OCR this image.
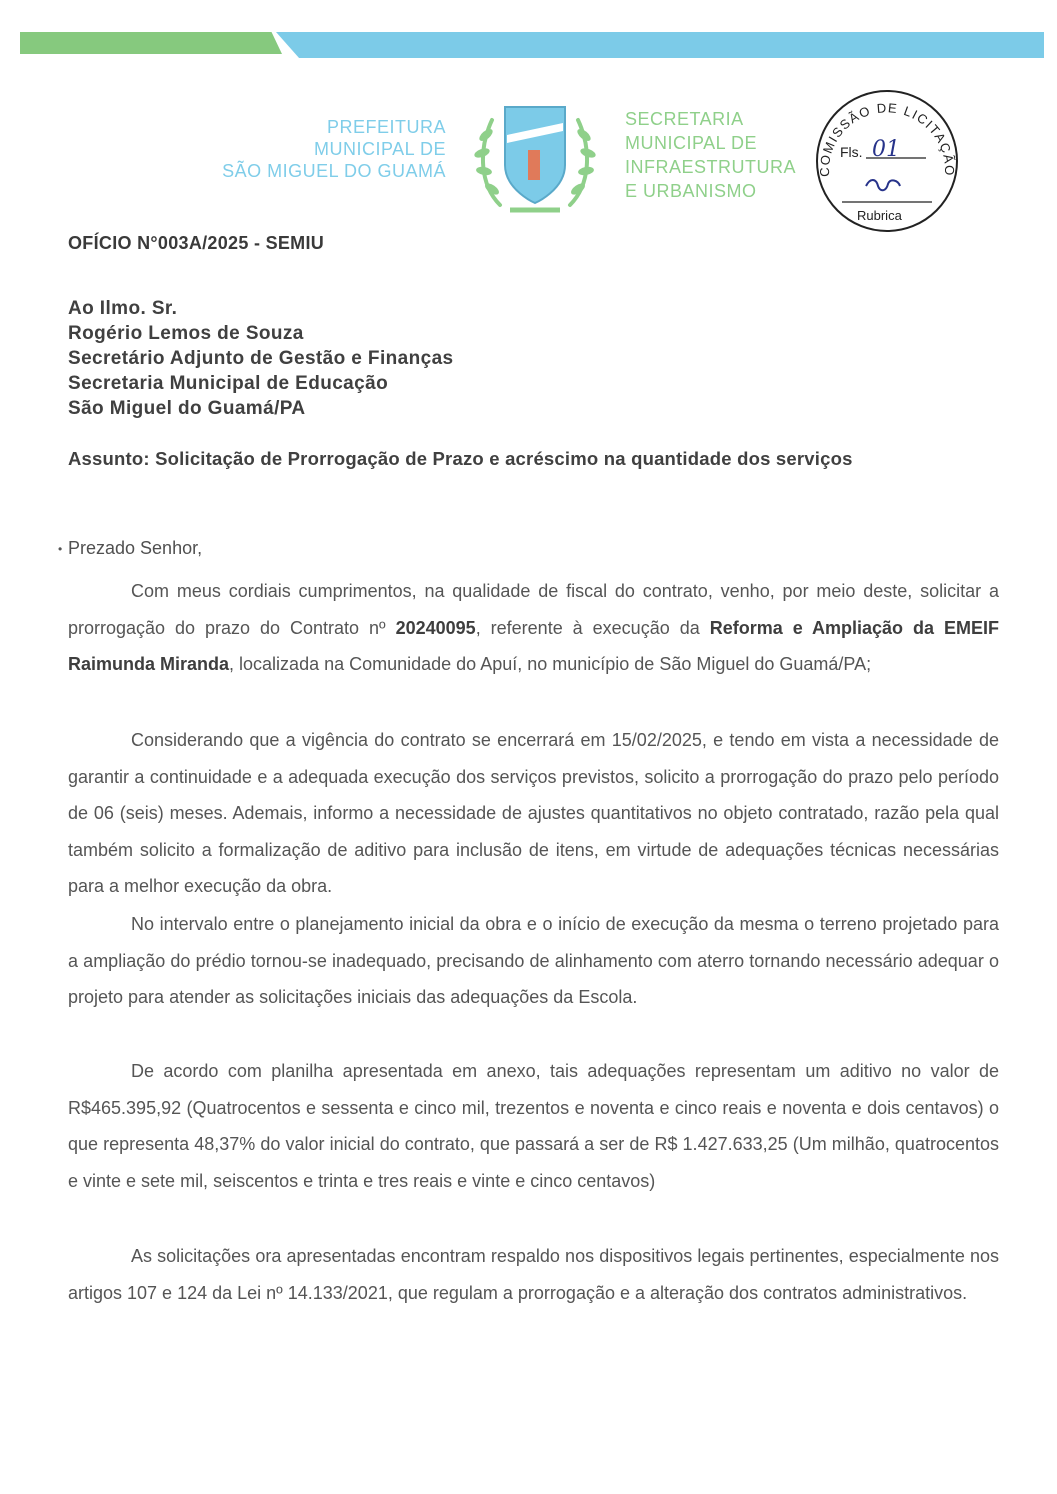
PREFEITURA
MUNICIPAL DE
SÃO MIGUEL DO GUAMÁ
SECRETARIA
MUNICIPAL DE
INFRAESTRUTURA
E URBANISMO
COMISSÃO DE LICITAÇÃO
Fls. 01
Rubrica
OFÍCIO N°003A/2025 - SEMIU
Ao Ilmo. Sr.
Rogério Lemos de Souza
Secretário Adjunto de Gestão e Finanças
Secretaria Municipal de Educação
São Miguel do Guamá/PA
Assunto: Solicitação de Prorrogação de Prazo e acréscimo na quantidade dos serviços
• Prezado Senhor,

Com meus cordiais cumprimentos, na qualidade de fiscal do contrato, venho, por meio deste, solicitar a prorrogação do prazo do Contrato nº 20240095, referente à execução da Reforma e Ampliação da EMEIF Raimunda Miranda, localizada na Comunidade do Apuí, no município de São Miguel do Guamá/PA;

Considerando que a vigência do contrato se encerrará em 15/02/2025, e tendo em vista a necessidade de garantir a continuidade e a adequada execução dos serviços previstos, solicito a prorrogação do prazo pelo período de 06 (seis) meses. Ademais, informo a necessidade de ajustes quantitativos no objeto contratado, razão pela qual também solicito a formalização de aditivo para inclusão de itens, em virtude de adequações técnicas necessárias para a melhor execução da obra.

No intervalo entre o planejamento inicial da obra e o início de execução da mesma o terreno projetado para a ampliação do prédio tornou-se inadequado, precisando de alinhamento com aterro tornando necessário adequar o projeto para atender as solicitações iniciais das adequações da Escola.

De acordo com planilha apresentada em anexo, tais adequações representam um aditivo no valor de R$465.395,92 (Quatrocentos e sessenta e cinco mil, trezentos e noventa e cinco reais e noventa e dois centavos) o que representa 48,37% do valor inicial do contrato, que passará a ser de R$ 1.427.633,25 (Um milhão, quatrocentos e vinte e sete mil, seiscentos e trinta e tres reais e vinte e cinco centavos)

As solicitações ora apresentadas encontram respaldo nos dispositivos legais pertinentes, especialmente nos artigos 107 e 124 da Lei nº 14.133/2021, que regulam a prorrogação e a alteração dos contratos administrativos.
